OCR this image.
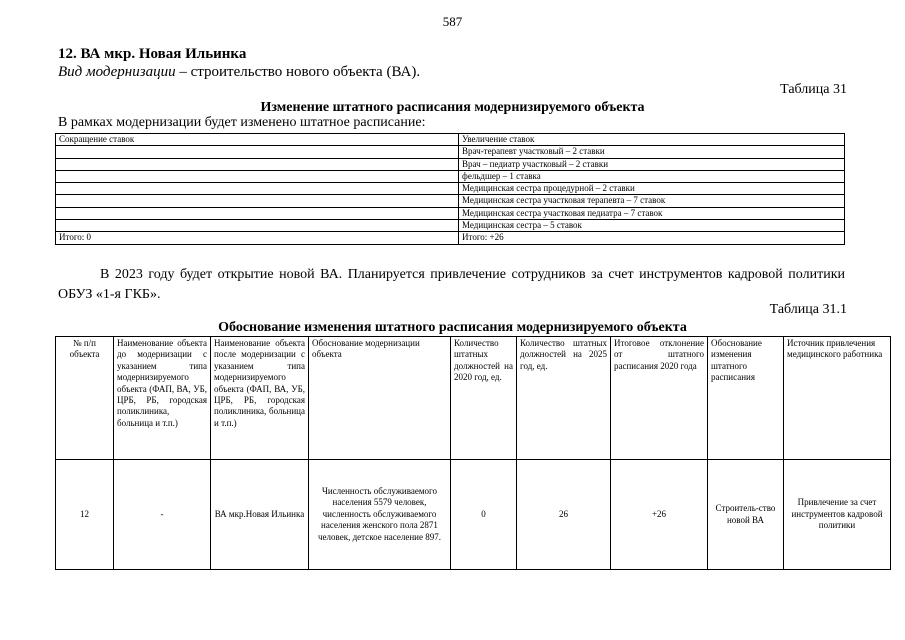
587
12. ВА мкр. Новая Ильинка
Вид модернизации – строительство нового объекта (ВА).
Таблица 31
Изменение штатного расписания модернизируемого объекта
В рамках модернизации будет изменено штатное расписание:
Сокращение ставок	Увеличение ставок
	Врач-терапевт участковый – 2 ставки
	Врач – педиатр участковый – 2 ставки
	фельдшер – 1 ставка
	Медицинская сестра процедурной – 2 ставки
	Медицинская сестра участковая терапевта – 7 ставок
	Медицинская сестра участковая педиатра – 7 ставок
	Медицинская сестра – 5 ставок
Итого: 0	Итого: +26
В 2023 году будет открытие новой ВА. Планируется привлечение сотрудников за счет инструментов кадровой политики ОБУЗ «1-я ГКБ».
Таблица 31.1
Обоснование изменения штатного расписания модернизируемого объекта
№ п/п объекта	Наименование объекта до модернизации с указанием типа модернизируемого объекта (ФАП, ВА, УБ, ЦРБ, РБ, городская поликлиника, больница и т.п.)	Наименование объекта после модернизации с указанием типа модернизируемого объекта (ФАП, ВА, УБ, ЦРБ, РБ, городская поликлиника, больница и т.п.)	Обоснование модернизации объекта	Количество штатных должностей на 2020 год, ед.	Количество штатных должностей на 2025 год, ед.	Итоговое отклонение от штатного расписания 2020 года	Обоснование изменения штатного расписания	Источник привлечения медицинского работника
12	-	ВА мкр.Новая Ильинка	Численность обслуживаемого населения 5579 человек, численность обслуживаемого населения женского пола 2871 человек, детское население 897.	0	26	+26	Строитель-ство новой ВА	Привлечение за счет инструментов кадровой политики
